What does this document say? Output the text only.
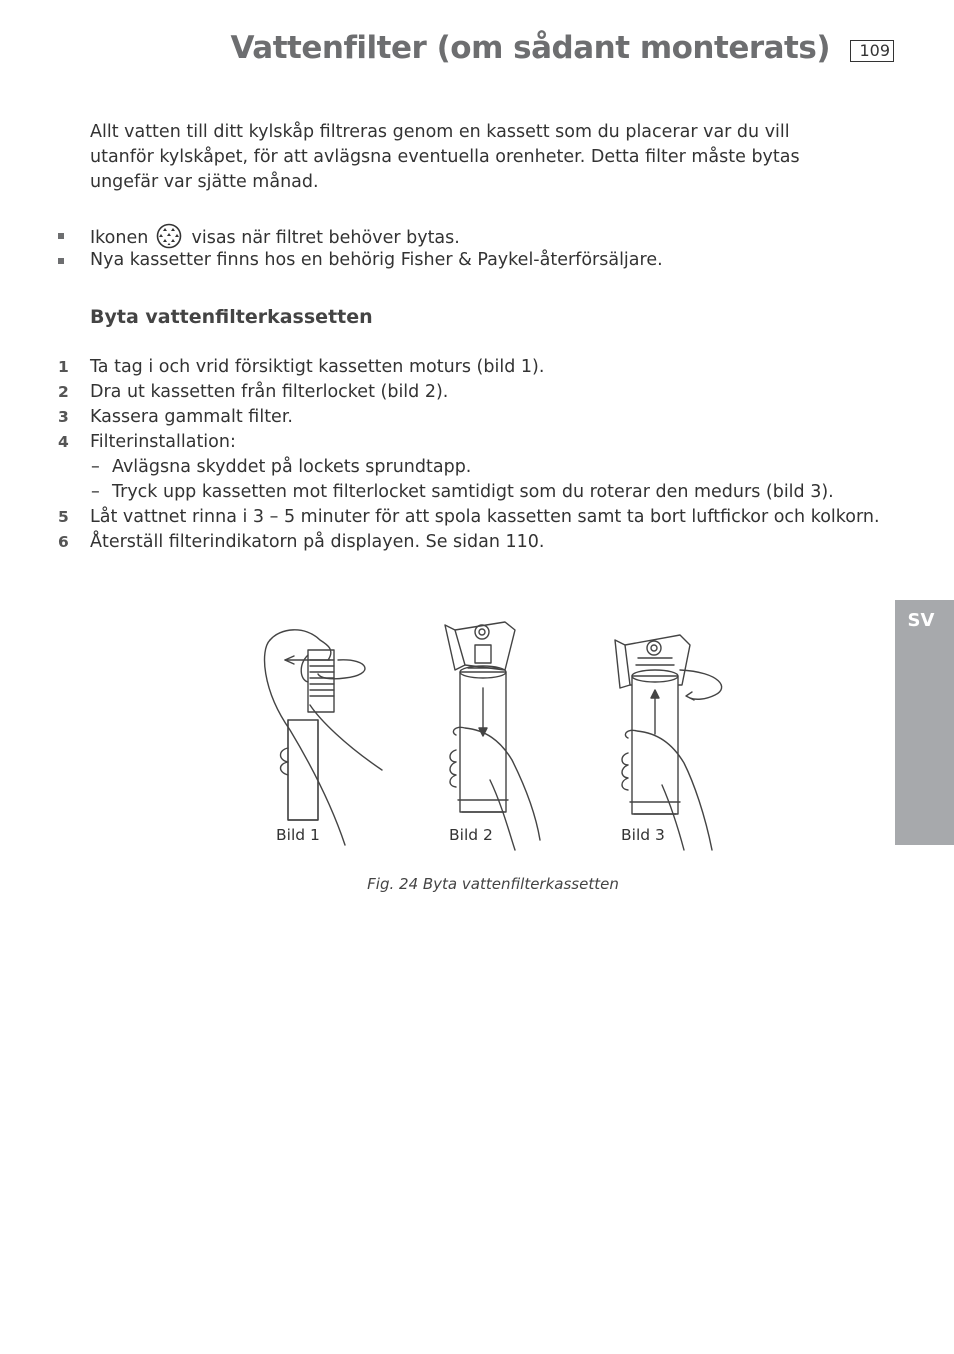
Vattenfilter (om sådant monterats)	109

Allt vatten till ditt kylskåp filtreras genom en kassett som du placerar var du vill utanför kylskåpet, för att avlägsna eventuella orenheter. Detta filter måste bytas ungefär var sjätte månad.

Ikonen visas när filtret behöver bytas.
Nya kassetter finns hos en behörig Fisher & Paykel-återförsäljare.
Byta vattenfilterkassetten
1 Ta tag i och vrid försiktigt kassetten moturs (bild 1).
2 Dra ut kassetten från filterlocket (bild 2).
3 Kassera gammalt filter.
4 Filterinstallation:
– Avlägsna skyddet på lockets sprundtapp.
– Tryck upp kassetten mot filterlocket samtidigt som du roterar den medurs (bild 3).
5 Låt vattnet rinna i 3 – 5 minuter för att spola kassetten samt ta bort luftfickor och kolkorn.
6 Återställ filterindikatorn på displayen. Se sidan 110.
Bild 1	Bild 2	Bild 3
Fig. 24 Byta vattenfilterkassetten
SV
